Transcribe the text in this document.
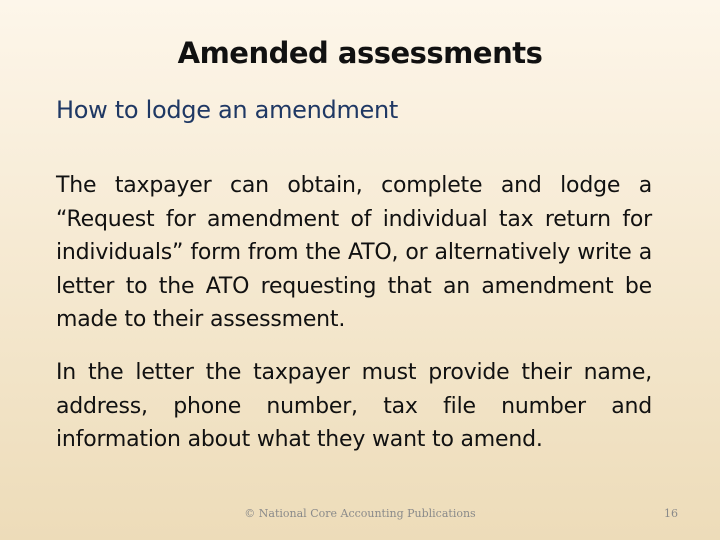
Amended assessments
How to lodge an amendment
The taxpayer can obtain, complete and lodge a “Request for amendment of individual tax return for individuals” form from the ATO, or alternatively write a letter to the ATO requesting that an amendment be made to their assessment.
In the letter the taxpayer must provide their name, address, phone number, tax file number and information about what they want to amend.
© National Core Accounting Publications	16
